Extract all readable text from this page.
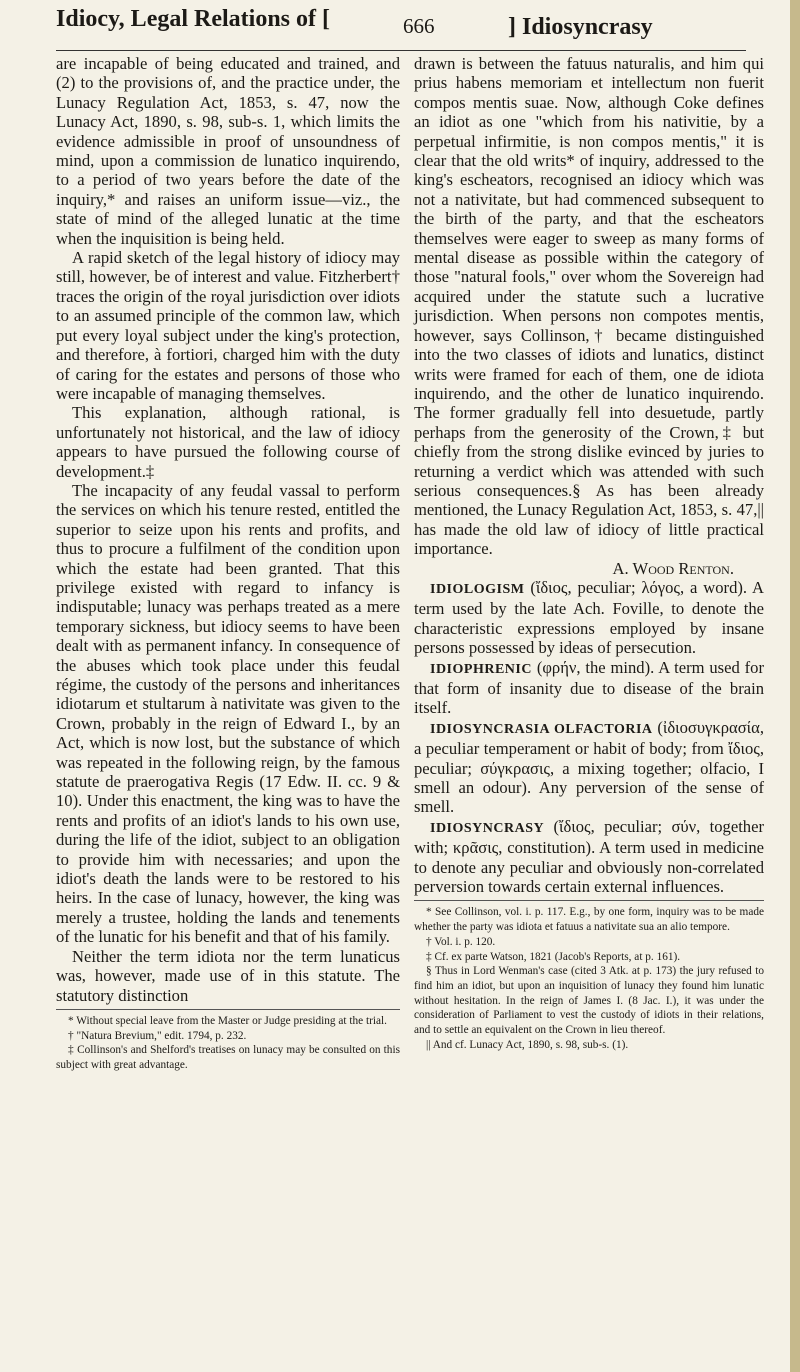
Idiocy, Legal Relations of [	666	] Idiosyncrasy

are incapable of being educated and trained, and (2) to the provisions of, and the practice under, the Lunacy Regulation Act, 1853, s. 47, now the Lunacy Act, 1890, s. 98, sub-s. 1, which limits the evidence admissible in proof of unsoundness of mind, upon a commission de lunatico inquirendo, to a period of two years before the date of the inquiry,* and raises an uniform issue—viz., the state of mind of the alleged lunatic at the time when the inquisition is being held.

A rapid sketch of the legal history of idiocy may still, however, be of interest and value. Fitzherbert† traces the origin of the royal jurisdiction over idiots to an assumed principle of the common law, which put every loyal subject under the king's protection, and therefore, à fortiori, charged him with the duty of caring for the estates and persons of those who were incapable of managing themselves.

This explanation, although rational, is unfortunately not historical, and the law of idiocy appears to have pursued the following course of development.‡

The incapacity of any feudal vassal to perform the services on which his tenure rested, entitled the superior to seize upon his rents and profits, and thus to procure a fulfilment of the condition upon which the estate had been granted. That this privilege existed with regard to infancy is indisputable; lunacy was perhaps treated as a mere temporary sickness, but idiocy seems to have been dealt with as permanent infancy. In consequence of the abuses which took place under this feudal régime, the custody of the persons and inheritances idiotarum et stultarum à nativitate was given to the Crown, probably in the reign of Edward I., by an Act, which is now lost, but the substance of which was repeated in the following reign, by the famous statute de praerogativa Regis (17 Edw. II. cc. 9 & 10). Under this enactment, the king was to have the rents and profits of an idiot's lands to his own use, during the life of the idiot, subject to an obligation to provide him with necessaries; and upon the idiot's death the lands were to be restored to his heirs. In the case of lunacy, however, the king was merely a trustee, holding the lands and tenements of the lunatic for his benefit and that of his family.

Neither the term idiota nor the term lunaticus was, however, made use of in this statute. The statutory distinction

* Without special leave from the Master or Judge presiding at the trial.

† "Natura Brevium," edit. 1794, p. 232.

‡ Collinson's and Shelford's treatises on lunacy may be consulted on this subject with great advantage.

drawn is between the fatuus naturalis, and him qui prius habens memoriam et intellectum non fuerit compos mentis suae. Now, although Coke defines an idiot as one "which from his nativitie, by a perpetual infirmitie, is non compos mentis," it is clear that the old writs* of inquiry, addressed to the king's escheators, recognised an idiocy which was not a nativitate, but had commenced subsequent to the birth of the party, and that the escheators themselves were eager to sweep as many forms of mental disease as possible within the category of those "natural fools," over whom the Sovereign had acquired under the statute such a lucrative jurisdiction. When persons non compotes mentis, however, says Collinson,† became distinguished into the two classes of idiots and lunatics, distinct writs were framed for each of them, one de idiota inquirendo, and the other de lunatico inquirendo. The former gradually fell into desuetude, partly perhaps from the generosity of the Crown,‡ but chiefly from the strong dislike evinced by juries to returning a verdict which was attended with such serious consequences.§ As has been already mentioned, the Lunacy Regulation Act, 1853, s. 47,|| has made the old law of idiocy of little practical importance.

A. Wood Renton.

IDIOLOGISM (ἴδιος, peculiar; λόγος, a word). A term used by the late Ach. Foville, to denote the characteristic expressions employed by insane persons possessed by ideas of persecution.

IDIOPHRENIC (φρήν, the mind). A term used for that form of insanity due to disease of the brain itself.

IDIOSYNCRASIA OLFACTORIA (ἰδιοσυγκρασία, a peculiar temperament or habit of body; from ἴδιος, peculiar; σύγκρασις, a mixing together; olfacio, I smell an odour). Any perversion of the sense of smell.

IDIOSYNCRASY (ἴδιος, peculiar; σύν, together with; κρᾶσις, constitution). A term used in medicine to denote any peculiar and obviously non-correlated perversion towards certain external influences.

* See Collinson, vol. i. p. 117. E.g., by one form, inquiry was to be made whether the party was idiota et fatuus a nativitate sua an alio tempore.

† Vol. i. p. 120.

‡ Cf. ex parte Watson, 1821 (Jacob's Reports, at p. 161).

§ Thus in Lord Wenman's case (cited 3 Atk. at p. 173) the jury refused to find him an idiot, but upon an inquisition of lunacy they found him lunatic without hesitation. In the reign of James I. (8 Jac. I.), it was under the consideration of Parliament to vest the custody of idiots in their relations, and to settle an equivalent on the Crown in lieu thereof.

|| And cf. Lunacy Act, 1890, s. 98, sub-s. (1).
